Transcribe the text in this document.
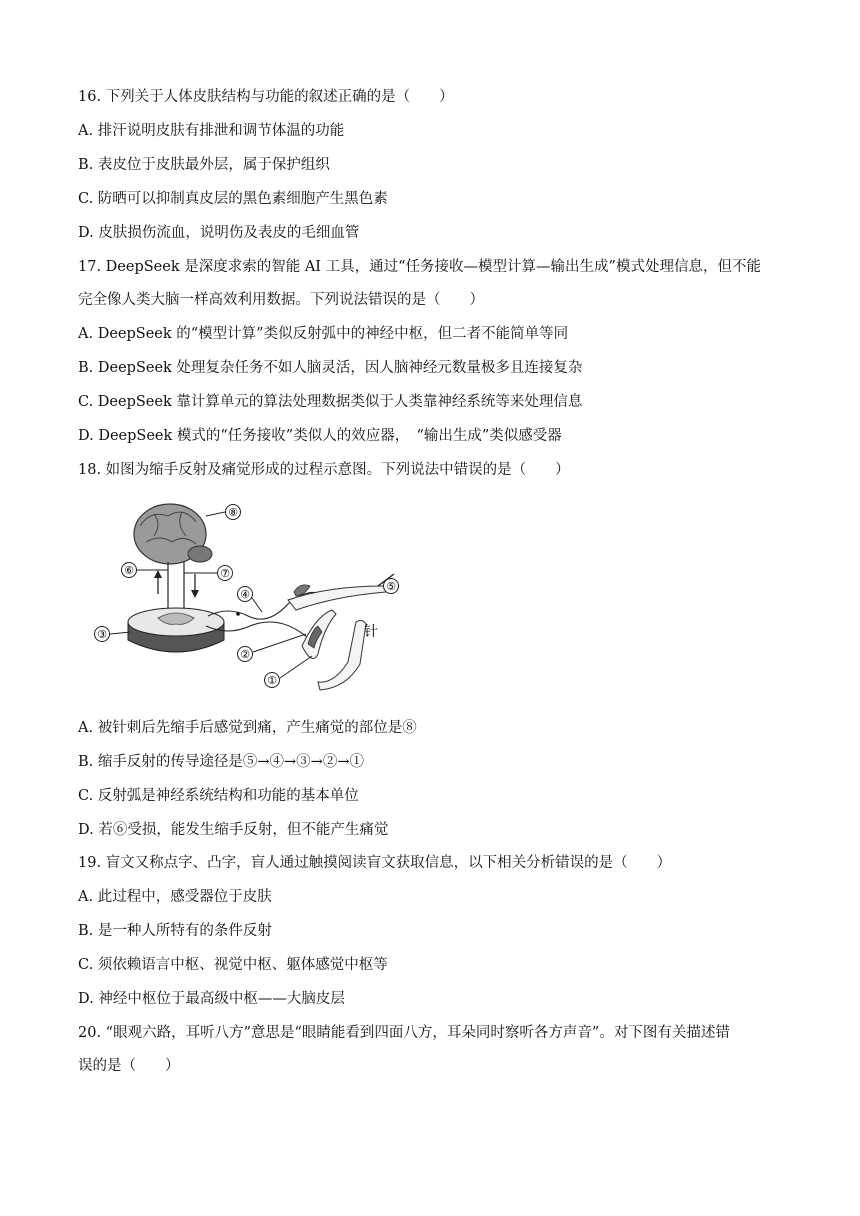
16. 下列关于人体皮肤结构与功能的叙述正确的是（　　）
A. 排汗说明皮肤有排泄和调节体温的功能
B. 表皮位于皮肤最外层，属于保护组织
C. 防晒可以抑制真皮层的黑色素细胞产生黑色素
D. 皮肤损伤流血，说明伤及表皮的毛细血管
17. DeepSeek 是深度求索的智能 AI 工具，通过“任务接收—模型计算—输出生成”模式处理信息，但不能
完全像人类大脑一样高效利用数据。下列说法错误的是（　　）
A. DeepSeek 的“模型计算”类似反射弧中的神经中枢，但二者不能简单等同
B. DeepSeek 处理复杂任务不如人脑灵活，因人脑神经元数量极多且连接复杂
C. DeepSeek 靠计算单元的算法处理数据类似于人类靠神经系统等来处理信息
D. DeepSeek 模式的“任务接收”类似人的效应器，　“输出生成”类似感受器
18. 如图为缩手反射及痛觉形成的过程示意图。下列说法中错误的是（　　）
⑧
⑥	⑦
④
③
②
①
⑤
针
A. 被针刺后先缩手后感觉到痛，产生痛觉的部位是⑧
B. 缩手反射的传导途径是⑤→④→③→②→①
C. 反射弧是神经系统结构和功能的基本单位
D. 若⑥受损，能发生缩手反射，但不能产生痛觉
19. 盲文又称点字、凸字，盲人通过触摸阅读盲文获取信息，以下相关分析错误的是（　　）
A. 此过程中，感受器位于皮肤
B. 是一种人所特有的条件反射
C. 须依赖语言中枢、视觉中枢、躯体感觉中枢等
D. 神经中枢位于最高级中枢——大脑皮层
20. “眼观六路，耳听八方”意思是“眼睛能看到四面八方，耳朵同时察听各方声音”。对下图有关描述错
误的是（　　）
